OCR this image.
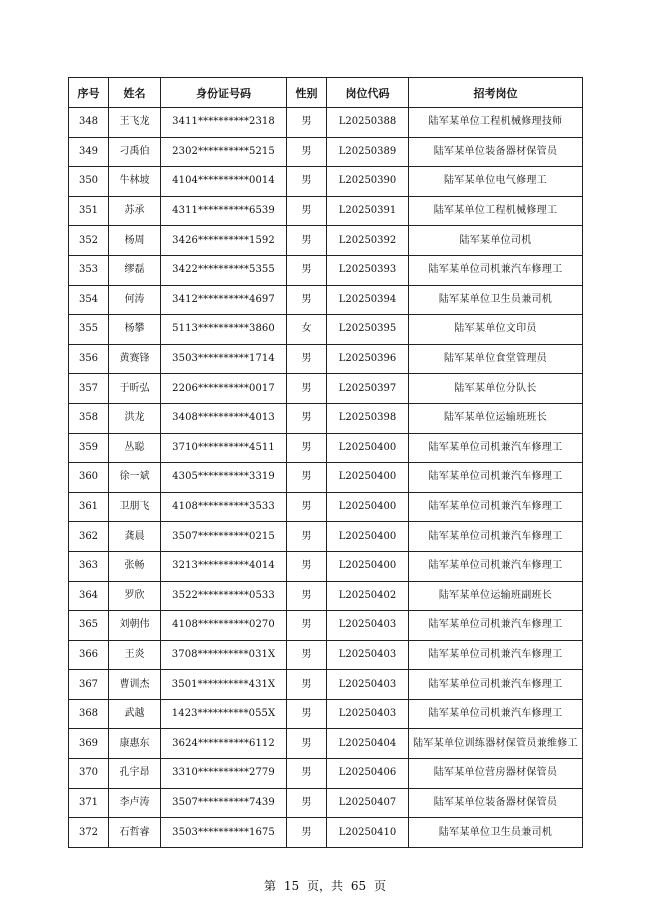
序号	姓名	身份证号码	性别	岗位代码	招考岗位
348	王飞龙	3411**********2318	男	L20250388	陆军某单位工程机械修理技师
349	刁禹伯	2302**********5215	男	L20250389	陆军某单位装备器材保管员
350	牛林坡	4104**********0014	男	L20250390	陆军某单位电气修理工
351	苏承	4311**********6539	男	L20250391	陆军某单位工程机械修理工
352	杨周	3426**********1592	男	L20250392	陆军某单位司机
353	缪磊	3422**********5355	男	L20250393	陆军某单位司机兼汽车修理工
354	何涛	3412**********4697	男	L20250394	陆军某单位卫生员兼司机
355	杨攀	5113**********3860	女	L20250395	陆军某单位文印员
356	黄赛锋	3503**********1714	男	L20250396	陆军某单位食堂管理员
357	于昕弘	2206**********0017	男	L20250397	陆军某单位分队长
358	洪龙	3408**********4013	男	L20250398	陆军某单位运输班班长
359	丛聪	3710**********4511	男	L20250400	陆军某单位司机兼汽车修理工
360	徐一斌	4305**********3319	男	L20250400	陆军某单位司机兼汽车修理工
361	卫朋飞	4108**********3533	男	L20250400	陆军某单位司机兼汽车修理工
362	龚晨	3507**********0215	男	L20250400	陆军某单位司机兼汽车修理工
363	张畅	3213**********4014	男	L20250400	陆军某单位司机兼汽车修理工
364	罗欣	3522**********0533	男	L20250402	陆军某单位运输班副班长
365	刘朝伟	4108**********0270	男	L20250403	陆军某单位司机兼汽车修理工
366	王炎	3708**********031X	男	L20250403	陆军某单位司机兼汽车修理工
367	曹训杰	3501**********431X	男	L20250403	陆军某单位司机兼汽车修理工
368	武越	1423**********055X	男	L20250403	陆军某单位司机兼汽车修理工
369	康惠东	3624**********6112	男	L20250404	陆军某单位训练器材保管员兼维修工
370	孔宇昂	3310**********2779	男	L20250406	陆军某单位营房器材保管员
371	李卢涛	3507**********7439	男	L20250407	陆军某单位装备器材保管员
372	石哲睿	3503**********1675	男	L20250410	陆军某单位卫生员兼司机
第 15 页，共 65 页
